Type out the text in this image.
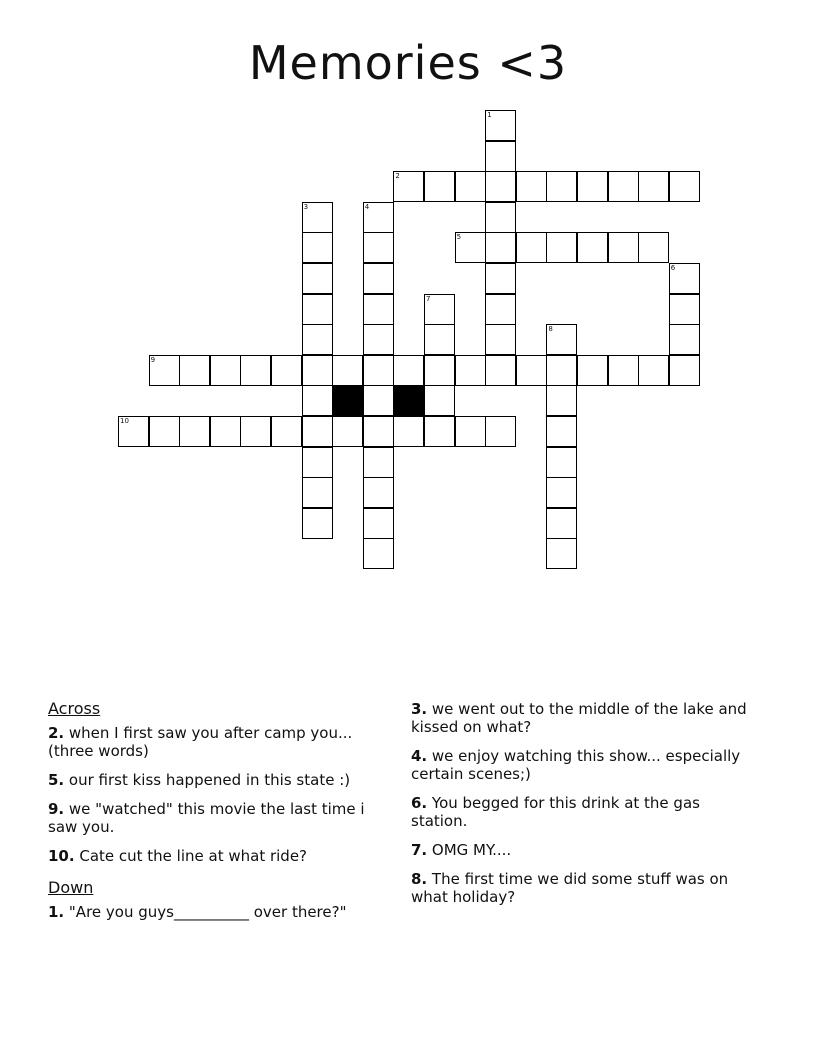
Memories <3
1
2
3	4
5
6
7
8
9
10
Across
2. when I first saw you after camp you... (three words)
5. our first kiss happened in this state :)
9. we "watched" this movie the last time i saw you.
10. Cate cut the line at what ride?
Down
1. "Are you guys__________ over there?"
3. we went out to the middle of the lake and kissed on what?
4. we enjoy watching this show... especially certain scenes;)
6. You begged for this drink at the gas station.
7. OMG MY....
8. The first time we did some stuff was on what holiday?
